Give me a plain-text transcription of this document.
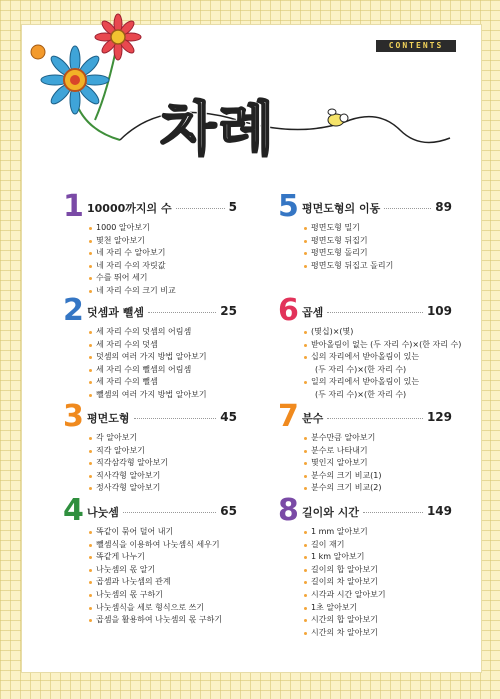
CONTENTS
차례
1 10000까지의 수	5
1000 알아보기
몇천 알아보기
네 자리 수 알아보기
네 자리 수의 자릿값
수를 뛰어 세기
네 자리 수의 크기 비교
2 덧셈과 뺄셈	25
세 자리 수의 덧셈의 어림셈
세 자리 수의 덧셈
덧셈의 여러 가지 방법 알아보기
세 자리 수의 뺄셈의 어림셈
세 자리 수의 뺄셈
뺄셈의 여러 가지 방법 알아보기
3 평면도형	45
각 알아보기
직각 알아보기
직각삼각형 알아보기
직사각형 알아보기
정사각형 알아보기
4 나눗셈	65
똑같이 묶어 덜어 내기
뺄셈식을 이용하여 나눗셈식 세우기
똑같게 나누기
나눗셈의 몫 알기
곱셈과 나눗셈의 관계
나눗셈의 몫 구하기
나눗셈식을 세로 형식으로 쓰기
곱셈을 활용하여 나눗셈의 몫 구하기
5 평면도형의 이동	89
평면도형 밀기
평면도형 뒤집기
평면도형 돌리기
평면도형 뒤집고 돌리기
6 곱셈	109
(몇십)×(몇)
받아올림이 없는 (두 자리 수)×(한 자리 수)
십의 자리에서 받아올림이 있는
(두 자리 수)×(한 자리 수)
일의 자리에서 받아올림이 있는
(두 자리 수)×(한 자리 수)
7 분수	129
분수만큼 알아보기
분수로 나타내기
몇인지 알아보기
분수의 크기 비교(1)
분수의 크기 비교(2)
8 길이와 시간	149
1 mm 알아보기
길이 재기
1 km 알아보기
길이의 합 알아보기
길이의 차 알아보기
시각과 시간 알아보기
1초 알아보기
시간의 합 알아보기
시간의 차 알아보기
